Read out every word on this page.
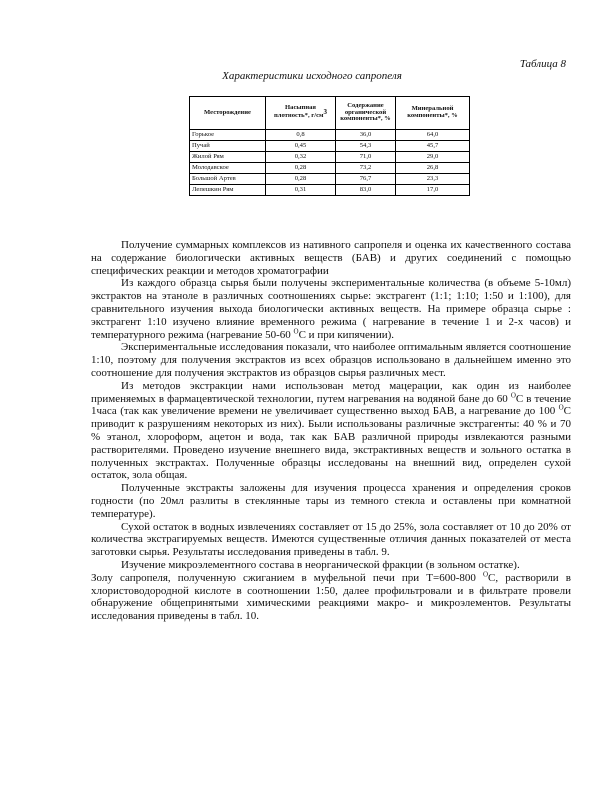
Таблица 8
Характеристики исходного сапропеля
Месторождение	Насыпная плотность*, $г/см^3$	Содержание органической компоненты*, %	Минеральной компоненты*, %
Горькое	0,8	36,0	64,0
Пучай	0,45	54,3	45,7
Жилой Рям	0,32	71,0	29,0
Молодавское	0,28	73,2	26,8
Большой Артев	0,28	76,7	23,3
Лепешкин Рям	0,31	83,0	17,0

Получение суммарных комплексов из нативного сапропеля и оценка их качественного состава на содержание биологически активных веществ (БАВ) и других соединений с помощью специфических реакции и методов хроматографии

Из каждого образца сырья были получены экспериментальные количества (в объеме 5-10мл) экстрактов на этаноле в различных соотношениях сырье: экстрагент (1:1; 1:10; 1:50 и 1:100), для сравнительного изучения выхода биологически активных веществ. На примере образца сырье : экстрагент 1:10 изучено влияние временного режима ( нагревание в течение 1 и 2-х часов) и температурного режима (нагревание 50-60 $^О$С и при кипячении).

Экспериментальные исследования показали, что наиболее оптимальным является соотношение 1:10, поэтому для получения экстрактов из всех образцов использовано в дальнейшем именно это соотношение для получения экстрактов из образцов сырья различных мест.

Из методов экстракции нами использован метод мацерации, как один из наиболее применяемых в фармацевтической технологии, путем нагревания на водяной бане до 60 $^О$С в течение 1часа (так как увеличение времени не увеличивает существенно выход БАВ, а нагревание до 100 $^О$С приводит к разрушениям некоторых из них). Были использованы различные экстрагенты: 40 % и 70 % этанол, хлороформ, ацетон и вода, так как БАВ различной природы извлекаются разными растворителями. Проведено изучение внешнего вида, экстрактивных веществ и зольного остатка в полученных экстрактах. Полученные образцы исследованы на внешний вид, определен сухой остаток, зола общая.

Полученные экстракты заложены для изучения процесса хранения и определения сроков годности (по 20мл разлиты в стеклянные тары из темного стекла и оставлены при комнатной температуре).

Сухой остаток в водных извлечениях составляет от 15 до 25%, зола составляет от 10 до 20% от количества экстрагируемых веществ. Имеются существенные отличия данных показателей от места заготовки сырья. Результаты исследования приведены в табл. 9.

Изучение микроэлементного состава в неорганической фракции (в зольном остатке).

Золу сапропеля, полученную сжиганием в муфельной печи при Т=600-800 $^О$С, растворили в хлористоводородной кислоте в соотношении 1:50, далее профильтровали и в фильтрате провели обнаружение общепринятыми химическими реакциями макро- и микроэлементов. Результаты исследования приведены в табл. 10.
